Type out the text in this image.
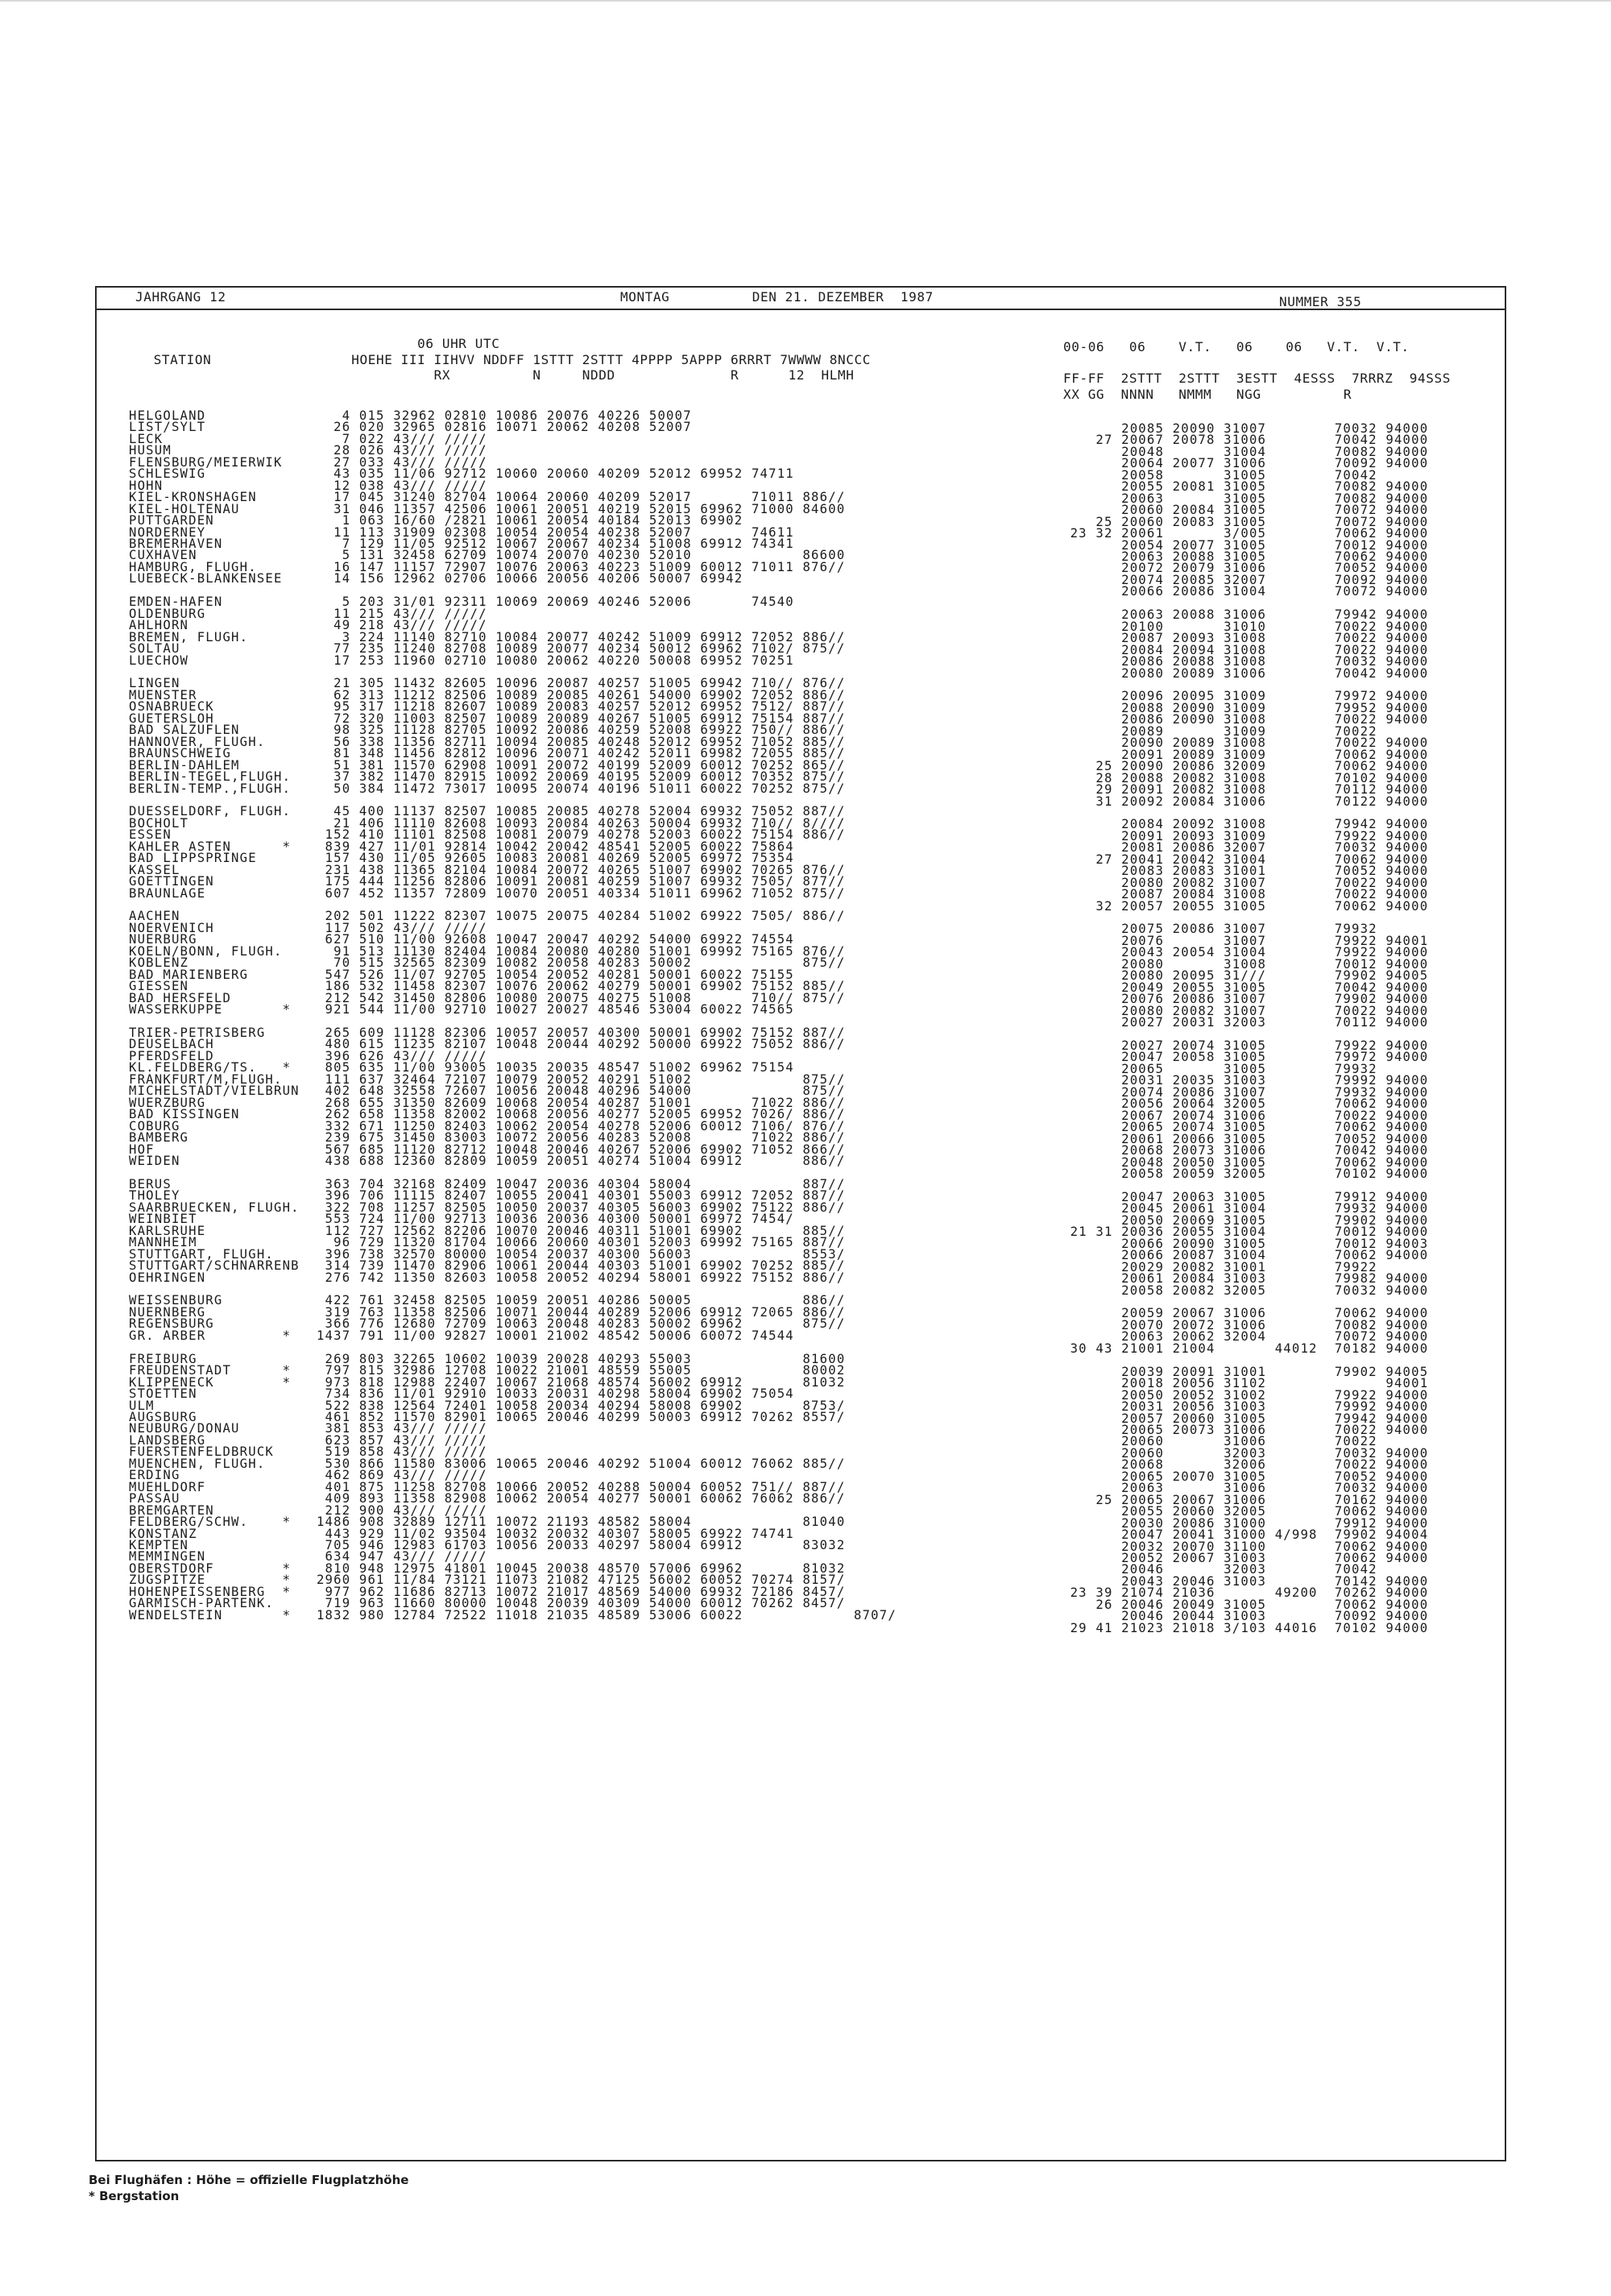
JAHRGANG 12	MONTAG          DEN 21. DEZEMBER  1987	NUMMER 355
06 UHR UTC
STATION                 HOEHE III IIHVV NDDFF 1STTT 2STTT 4PPPP 5APPP 6RRRT 7WWWW 8NCCC
RX          N     NDDD              R      12  HLMH
00-06   06    V.T.   06    06   V.T.  V.T.

FF-FF  2STTT  2STTT  3ESTT  4ESSS  7RRRZ  94SSS
XX GG  NNNN   NMMM   NGG          R
HELGOLAND                4 015 32962 02810 10086 20076 40226 50007
LIST/SYLT               26 020 32965 02816 10071 20062 40208 52007
LECK                     7 022 43/// /////
HUSUM                   28 026 43/// /////
FLENSBURG/MEIERWIK      27 033 43/// /////
SCHLESWIG               43 035 11/06 92712 10060 20060 40209 52012 69952 74711
HOHN                    12 038 43/// /////
KIEL-KRONSHAGEN         17 045 31240 82704 10064 20060 40209 52017       71011 886//
KIEL-HOLTENAU           31 046 11357 42506 10061 20051 40219 52015 69962 71000 84600
PUTTGARDEN               1 063 16/60 /2821 10061 20054 40184 52013 69902
NORDERNEY               11 113 31909 02308 10054 20054 40238 52007       74611
BREMERHAVEN              7 129 11/05 92512 10067 20067 40234 51008 69912 74341
CUXHAVEN                 5 131 32458 62709 10074 20070 40230 52010             86600
HAMBURG, FLUGH.         16 147 11157 72907 10076 20063 40223 51009 60012 71011 876//
LUEBECK-BLANKENSEE      14 156 12962 02706 10066 20056 40206 50007 69942

EMDEN-HAFEN              5 203 31/01 92311 10069 20069 40246 52006       74540
OLDENBURG               11 215 43/// /////
AHLHORN                 49 218 43/// /////
BREMEN, FLUGH.           3 224 11140 82710 10084 20077 40242 51009 69912 72052 886//
SOLTAU                  77 235 11240 82708 10089 20077 40234 50012 69962 7102/ 875//
LUECHOW                 17 253 11960 02710 10080 20062 40220 50008 69952 70251

LINGEN                  21 305 11432 82605 10096 20087 40257 51005 69942 710// 876//
MUENSTER                62 313 11212 82506 10089 20085 40261 54000 69902 72052 886//
OSNABRUECK              95 317 11218 82607 10089 20083 40257 52012 69952 7512/ 887//
GUETERSLOH              72 320 11003 82507 10089 20089 40267 51005 69912 75154 887//
BAD SALZUFLEN           98 325 11128 82705 10092 20086 40259 52008 69922 750// 886//
HANNOVER, FLUGH.        56 338 11356 82711 10094 20085 40248 52012 69952 71052 885//
BRAUNSCHWEIG            81 348 11456 82812 10096 20071 40242 52011 69982 72055 885//
BERLIN-DAHLEM           51 381 11570 62908 10091 20072 40199 52009 60012 70252 865//
BERLIN-TEGEL,FLUGH.     37 382 11470 82915 10092 20069 40195 52009 60012 70352 875//
BERLIN-TEMP.,FLUGH.     50 384 11472 73017 10095 20074 40196 51011 60022 70252 875//

DUESSELDORF, FLUGH.     45 400 11137 82507 10085 20085 40278 52004 69932 75052 887//
BOCHOLT                 21 406 11110 82608 10093 20084 40263 50004 69932 710// 8////
ESSEN                  152 410 11101 82508 10081 20079 40278 52003 60022 75154 886//
KAHLER ASTEN      *    839 427 11/01 92814 10042 20042 48541 52005 60022 75864
BAD LIPPSPRINGE        157 430 11/05 92605 10083 20081 40269 52005 69972 75354
KASSEL                 231 438 11365 82104 10084 20072 40265 51007 69902 70265 876//
GOETTINGEN             175 444 11256 82806 10091 20081 40259 51007 69932 7505/ 877//
BRAUNLAGE              607 452 11357 72809 10070 20051 40334 51011 69962 71052 875//

AACHEN                 202 501 11222 82307 10075 20075 40284 51002 69922 7505/ 886//
NOERVENICH             117 502 43/// /////
NUERBURG               627 510 11/00 92608 10047 20047 40292 54000 69922 74554
KOELN/BONN, FLUGH.      91 513 11130 82404 10084 20080 40280 51001 69992 75165 876//
KOBLENZ                 70 515 32565 82309 10082 20058 40283 50002             875//
BAD MARIENBERG         547 526 11/07 92705 10054 20052 40281 50001 60022 75155
GIESSEN                186 532 11458 82307 10076 20062 40279 50001 69902 75152 885//
BAD HERSFELD           212 542 31450 82806 10080 20075 40275 51008       710// 875//
WASSERKUPPE       *    921 544 11/00 92710 10027 20027 48546 53004 60022 74565

TRIER-PETRISBERG       265 609 11128 82306 10057 20057 40300 50001 69902 75152 887//
DEUSELBACH             480 615 11235 82107 10048 20044 40292 50000 69922 75052 886//
PFERDSFELD             396 626 43/// /////
KL.FELDBERG/TS.   *    805 635 11/00 93005 10035 20035 48547 51002 69962 75154
FRANKFURT/M,FLUGH.     111 637 32464 72107 10079 20052 40291 51002             875//
MICHELSTADT/VIELBRUN   402 648 32558 72607 10056 20048 40296 54000             875//
WUERZBURG              268 655 31350 82609 10068 20054 40287 51001       71022 886//
BAD KISSINGEN          262 658 11358 82002 10068 20056 40277 52005 69952 7026/ 886//
COBURG                 332 671 11250 82403 10062 20054 40278 52006 60012 7106/ 876//
BAMBERG                239 675 31450 83003 10072 20056 40283 52008       71022 886//
HOF                    567 685 11120 82712 10048 20046 40267 52006 69902 71052 866//
WEIDEN                 438 688 12360 82809 10059 20051 40274 51004 69912       886//

BERUS                  363 704 32168 82409 10047 20036 40304 58004             887//
THOLEY                 396 706 11115 82407 10055 20041 40301 55003 69912 72052 887//
SAARBRUECKEN, FLUGH.   322 708 11257 82505 10050 20037 40305 56003 69902 75122 886//
WEINBIET               553 724 11/00 92713 10036 20036 40300 50001 69972 7454/
KARLSRUHE              112 727 12562 82206 10070 20046 40311 51001 69902       885//
MANNHEIM                96 729 11320 81704 10066 20060 40301 52003 69992 75165 887//
STUTTGART, FLUGH.      396 738 32570 80000 10054 20037 40300 56003             8553/
STUTTGART/SCHNARRENB   314 739 11470 82906 10061 20044 40303 51001 69902 70252 885//
OEHRINGEN              276 742 11350 82603 10058 20052 40294 58001 69922 75152 886//

WEISSENBURG            422 761 32458 82505 10059 20051 40286 50005             886//
NUERNBERG              319 763 11358 82506 10071 20044 40289 52006 69912 72065 886//
REGENSBURG             366 776 12680 72709 10063 20048 40283 50002 69962       875//
GR. ARBER         *   1437 791 11/00 92827 10001 21002 48542 50006 60072 74544

FREIBURG               269 803 32265 10602 10039 20028 40293 55003             81600
FREUDENSTADT      *    797 815 32986 12708 10022 21001 48559 55005             80002
KLIPPENECK        *    973 818 12988 22407 10067 21068 48574 56002 69912       81032
STOETTEN               734 836 11/01 92910 10033 20031 40298 58004 69902 75054
ULM                    522 838 12564 72401 10058 20034 40294 58008 69902       8753/
AUGSBURG               461 852 11570 82901 10065 20046 40299 50003 69912 70262 8557/
NEUBURG/DONAU          381 853 43/// /////
LANDSBERG              623 857 43/// /////
FUERSTENFELDBRUCK      519 858 43/// /////
MUENCHEN, FLUGH.       530 866 11580 83006 10065 20046 40292 51004 60012 76062 885//
ERDING                 462 869 43/// /////
MUEHLDORF              401 875 11258 82708 10066 20052 40288 50004 60052 751// 887//
PASSAU                 409 893 11358 82908 10062 20054 40277 50001 60062 76062 886//
BREMGARTEN             212 900 43/// /////
FELDBERG/SCHW.    *   1486 908 32889 12711 10072 21193 48582 58004             81040
KONSTANZ               443 929 11/02 93504 10032 20032 40307 58005 69922 74741
KEMPTEN                705 946 12983 61703 10056 20033 40297 58004 69912       83032
MEMMINGEN              634 947 43/// /////
OBERSTDORF        *    810 948 12975 41801 10045 20038 48570 57006 69962       81032
ZUGSPITZE         *   2960 961 11/84 73121 11073 21082 47125 56002 60052 70274 8157/
HOHENPEISSENBERG  *    977 962 11686 82713 10072 21017 48569 54000 69932 72186 8457/
GARMISCH-PARTENK.      719 963 11660 80000 10048 20039 40309 54000 60012 70262 8457/
WENDELSTEIN       *   1832 980 12784 72522 11018 21035 48589 53006 60022             8707/
20085 20090 31007        70032 94000
27 20067 20078 31006        70042 94000
20048       31004        70082 94000
20064 20077 31006        70092 94000
20058       31005        70042
20055 20081 31005        70082 94000
20063       31005        70082 94000
20060 20084 31005        70072 94000
25 20060 20083 31005        70072 94000
23 32 20061       3/005        70062 94000
20054 20077 31005        70012 94000
20063 20088 31005        70062 94000
20072 20079 31006        70052 94000
20074 20085 32007        70092 94000
20066 20086 31004        70072 94000

20063 20088 31006        79942 94000
20100       31010        70022 94000
20087 20093 31008        70022 94000
20084 20094 31008        70022 94000
20086 20088 31008        70032 94000
20080 20089 31006        70042 94000

20096 20095 31009        79972 94000
20088 20090 31009        79952 94000
20086 20090 31008        70022 94000
20089       31009        70022
20090 20089 31008        70022 94000
20091 20089 31009        70062 94000
25 20090 20086 32009        70062 94000
28 20088 20082 31008        70102 94000
29 20091 20082 31008        70112 94000
31 20092 20084 31006        70122 94000

20084 20092 31008        79942 94000
20091 20093 31009        79922 94000
20081 20086 32007        70032 94000
27 20041 20042 31004        70062 94000
20083 20083 31001        70052 94000
20080 20082 31007        70022 94000
20087 20084 31008        70022 94000
32 20057 20055 31005        70062 94000

20075 20086 31007        79932
20076       31007        79922 94001
20043 20054 31004        79922 94000
20080       31008        70012 94000
20080 20095 31///        79902 94005
20049 20055 31005        70042 94000
20076 20086 31007        79902 94000
20080 20082 31007        70022 94000
20027 20031 32003        70112 94000

20027 20074 31005        79922 94000
20047 20058 31005        79972 94000
20065       31005        79932
20031 20035 31003        79992 94000
20074 20086 31007        79932 94000
20056 20064 32005        70062 94000
20067 20074 31006        70022 94000
20065 20074 31005        70062 94000
20061 20066 31005        70052 94000
20068 20073 31006        70042 94000
20048 20050 31005        70062 94000
20058 20059 32005        70102 94000

20047 20063 31005        79912 94000
20045 20061 31004        79932 94000
20050 20069 31005        79902 94000
21 31 20036 20055 31004        70012 94000
20066 20090 31005        70012 94003
20066 20087 31004        70062 94000
20029 20082 31001        79922
20061 20084 31003        79982 94000
20058 20082 32005        70032 94000

20059 20067 31006        70062 94000
20070 20072 31006        70082 94000
20063 20062 32004        70072 94000
30 43 21001 21004       44012  70182 94000

20039 20091 31001        79902 94005
20018 20056 31102              94001
20050 20052 31002        79922 94000
20031 20056 31003        79992 94000
20057 20060 31005        79942 94000
20065 20073 31006        70022 94000
20060       31006        70022
20060       32003        70032 94000
20068       32006        70022 94000
20065 20070 31005        70052 94000
20063       31006        70032 94000
25 20065 20067 31006        70162 94000
20055 20060 32005        70062 94000
20030 20086 31000        79912 94000
20047 20041 31000 4/998  79902 94004
20032 20070 31100        70062 94000
20052 20067 31003        70062 94000
20046       32003        70042
20043 20046 31003        70142 94000
23 39 21074 21036       49200  70262 94000
26 20046 20049 31005        70062 94000
20046 20044 31003        70092 94000
29 41 21023 21018 3/103 44016  70102 94000
Bei Flughäfen : Höhe = offizielle Flugplatzhöhe
* Bergstation
